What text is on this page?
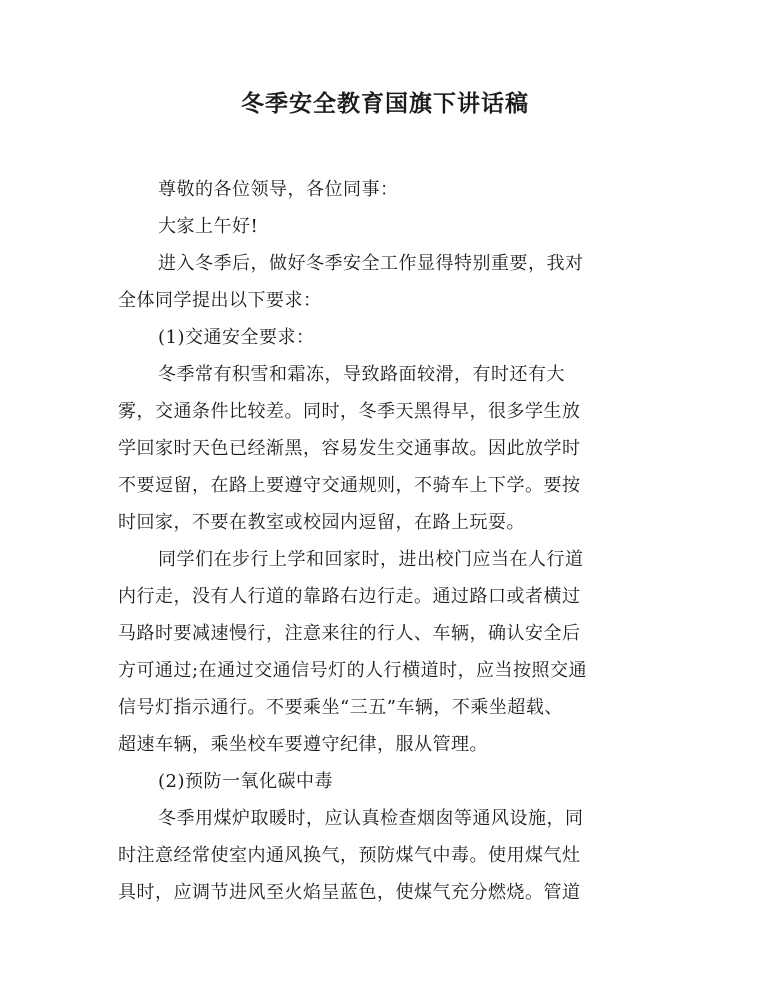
冬季安全教育国旗下讲话稿
尊敬的各位领导，各位同事：
大家上午好!
进入冬季后，做好冬季安全工作显得特别重要，我对
全体同学提出以下要求：
(1)交通安全要求：
冬季常有积雪和霜冻，导致路面较滑，有时还有大
雾，交通条件比较差。同时，冬季天黑得早，很多学生放
学回家时天色已经渐黑，容易发生交通事故。因此放学时
不要逗留，在路上要遵守交通规则，不骑车上下学。要按
时回家，不要在教室或校园内逗留，在路上玩耍。
同学们在步行上学和回家时，进出校门应当在人行道
内行走，没有人行道的靠路右边行走。通过路口或者横过
马路时要减速慢行，注意来往的行人、车辆，确认安全后
方可通过;在通过交通信号灯的人行横道时，应当按照交通
信号灯指示通行。不要乘坐“三五”车辆，不乘坐超载、
超速车辆，乘坐校车要遵守纪律，服从管理。
(2)预防一氧化碳中毒
冬季用煤炉取暖时，应认真检查烟囱等通风设施，同
时注意经常使室内通风换气，预防煤气中毒。使用煤气灶
具时，应调节进风至火焰呈蓝色，使煤气充分燃烧。管道
